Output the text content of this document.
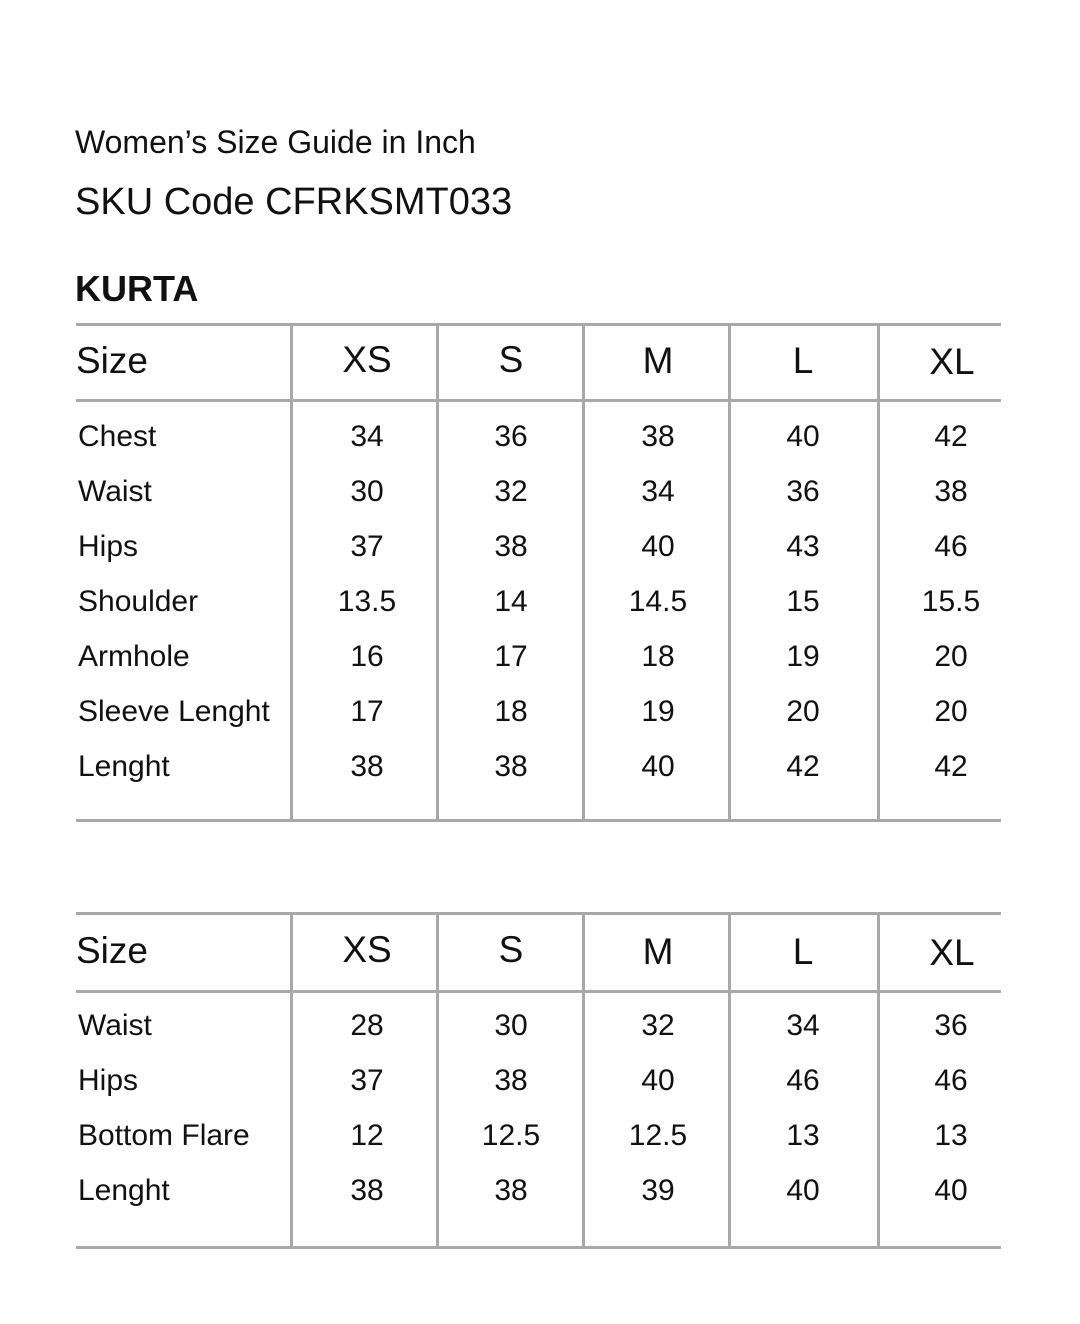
Women’s Size Guide in Inch
SKU Code CFRKSMT033
KURTA
Size	XS	S	M	L	XL
Chest	34	36	38	40	42
Waist	30	32	34	36	38
Hips	37	38	40	43	46
Shoulder	13.5	14	14.5	15	15.5
Armhole	16	17	18	19	20
Sleeve Lenght	17	18	19	20	20
Lenght	38	38	40	42	42
Size	XS	S	M	L	XL
Waist	28	30	32	34	36
Hips	37	38	40	46	46
Bottom Flare	12	12.5	12.5	13	13
Lenght	38	38	39	40	40
